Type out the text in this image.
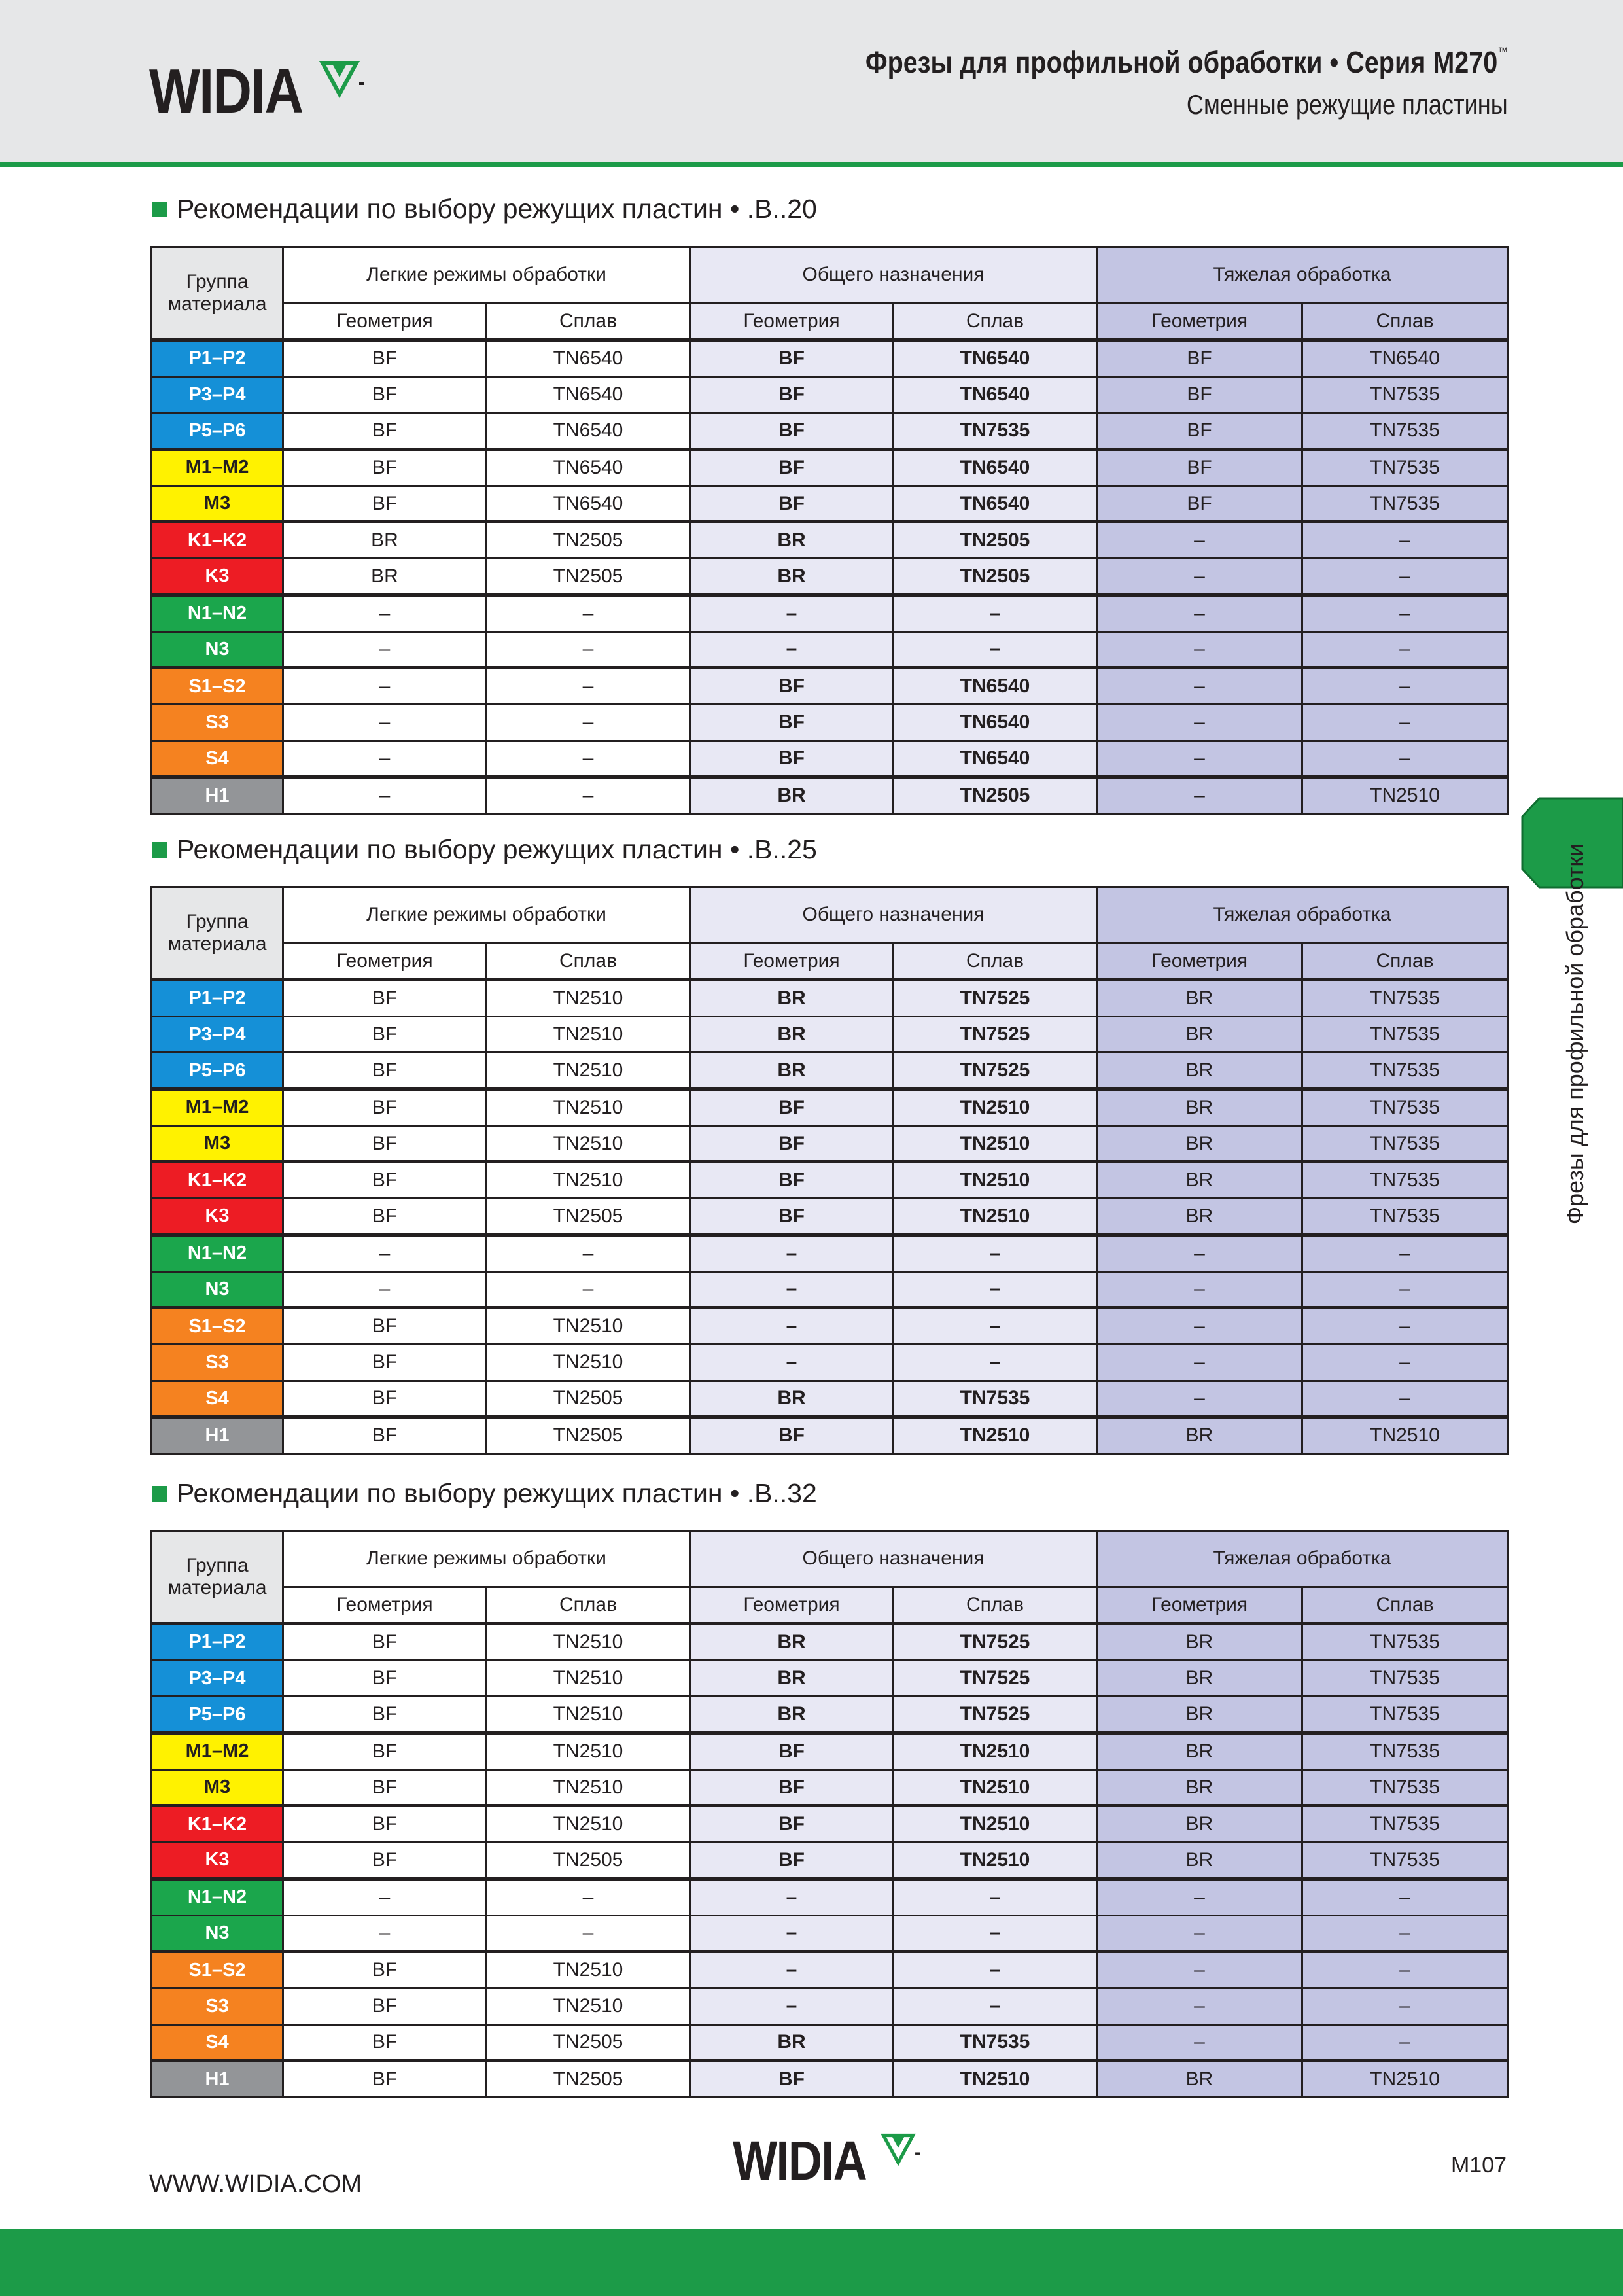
WIDIA	Фрезы для профильной обработки • Серия M270™
Сменные режущие пластины
Рекомендации по выбору режущих пластин • .B..20
Группа материала	Легкие режимы обработки		Общего назначения		Тяжелая обработка	
	Геометрия	Сплав	Геометрия	Сплав	Геометрия	Сплав
P1–P2	BF	TN6540	BF	TN6540	BF	TN6540
P3–P4	BF	TN6540	BF	TN6540	BF	TN7535
P5–P6	BF	TN6540	BF	TN7535	BF	TN7535
M1–M2	BF	TN6540	BF	TN6540	BF	TN7535
M3	BF	TN6540	BF	TN6540	BF	TN7535
K1–K2	BR	TN2505	BR	TN2505	–	–
K3	BR	TN2505	BR	TN2505	–	–
N1–N2	–	–	–	–	–	–
N3	–	–	–	–	–	–
S1–S2	–	–	BF	TN6540	–	–
S3	–	–	BF	TN6540	–	–
S4	–	–	BF	TN6540	–	–
H1	–	–	BR	TN2505	–	TN2510
Рекомендации по выбору режущих пластин • .B..25
Группа материала	Легкие режимы обработки		Общего назначения		Тяжелая обработка	
	Геометрия	Сплав	Геометрия	Сплав	Геометрия	Сплав
P1–P2	BF	TN2510	BR	TN7525	BR	TN7535
P3–P4	BF	TN2510	BR	TN7525	BR	TN7535
P5–P6	BF	TN2510	BR	TN7525	BR	TN7535
M1–M2	BF	TN2510	BF	TN2510	BR	TN7535
M3	BF	TN2510	BF	TN2510	BR	TN7535
K1–K2	BF	TN2510	BF	TN2510	BR	TN7535
K3	BF	TN2505	BF	TN2510	BR	TN7535
N1–N2	–	–	–	–	–	–
N3	–	–	–	–	–	–
S1–S2	BF	TN2510	–	–	–	–
S3	BF	TN2510	–	–	–	–
S4	BF	TN2505	BR	TN7535	–	–
H1	BF	TN2505	BF	TN2510	BR	TN2510
Рекомендации по выбору режущих пластин • .B..32
Группа материала	Легкие режимы обработки		Общего назначения		Тяжелая обработка	
	Геометрия	Сплав	Геометрия	Сплав	Геометрия	Сплав
P1–P2	BF	TN2510	BR	TN7525	BR	TN7535
P3–P4	BF	TN2510	BR	TN7525	BR	TN7535
P5–P6	BF	TN2510	BR	TN7525	BR	TN7535
M1–M2	BF	TN2510	BF	TN2510	BR	TN7535
M3	BF	TN2510	BF	TN2510	BR	TN7535
K1–K2	BF	TN2510	BF	TN2510	BR	TN7535
K3	BF	TN2505	BF	TN2510	BR	TN7535
N1–N2	–	–	–	–	–	–
N3	–	–	–	–	–	–
S1–S2	BF	TN2510	–	–	–	–
S3	BF	TN2510	–	–	–	–
S4	BF	TN2505	BR	TN7535	–	–
H1	BF	TN2505	BF	TN2510	BR	TN2510
Фрезы для профильной обработки
WWW.WIDIA.COM	WIDIA	M107
